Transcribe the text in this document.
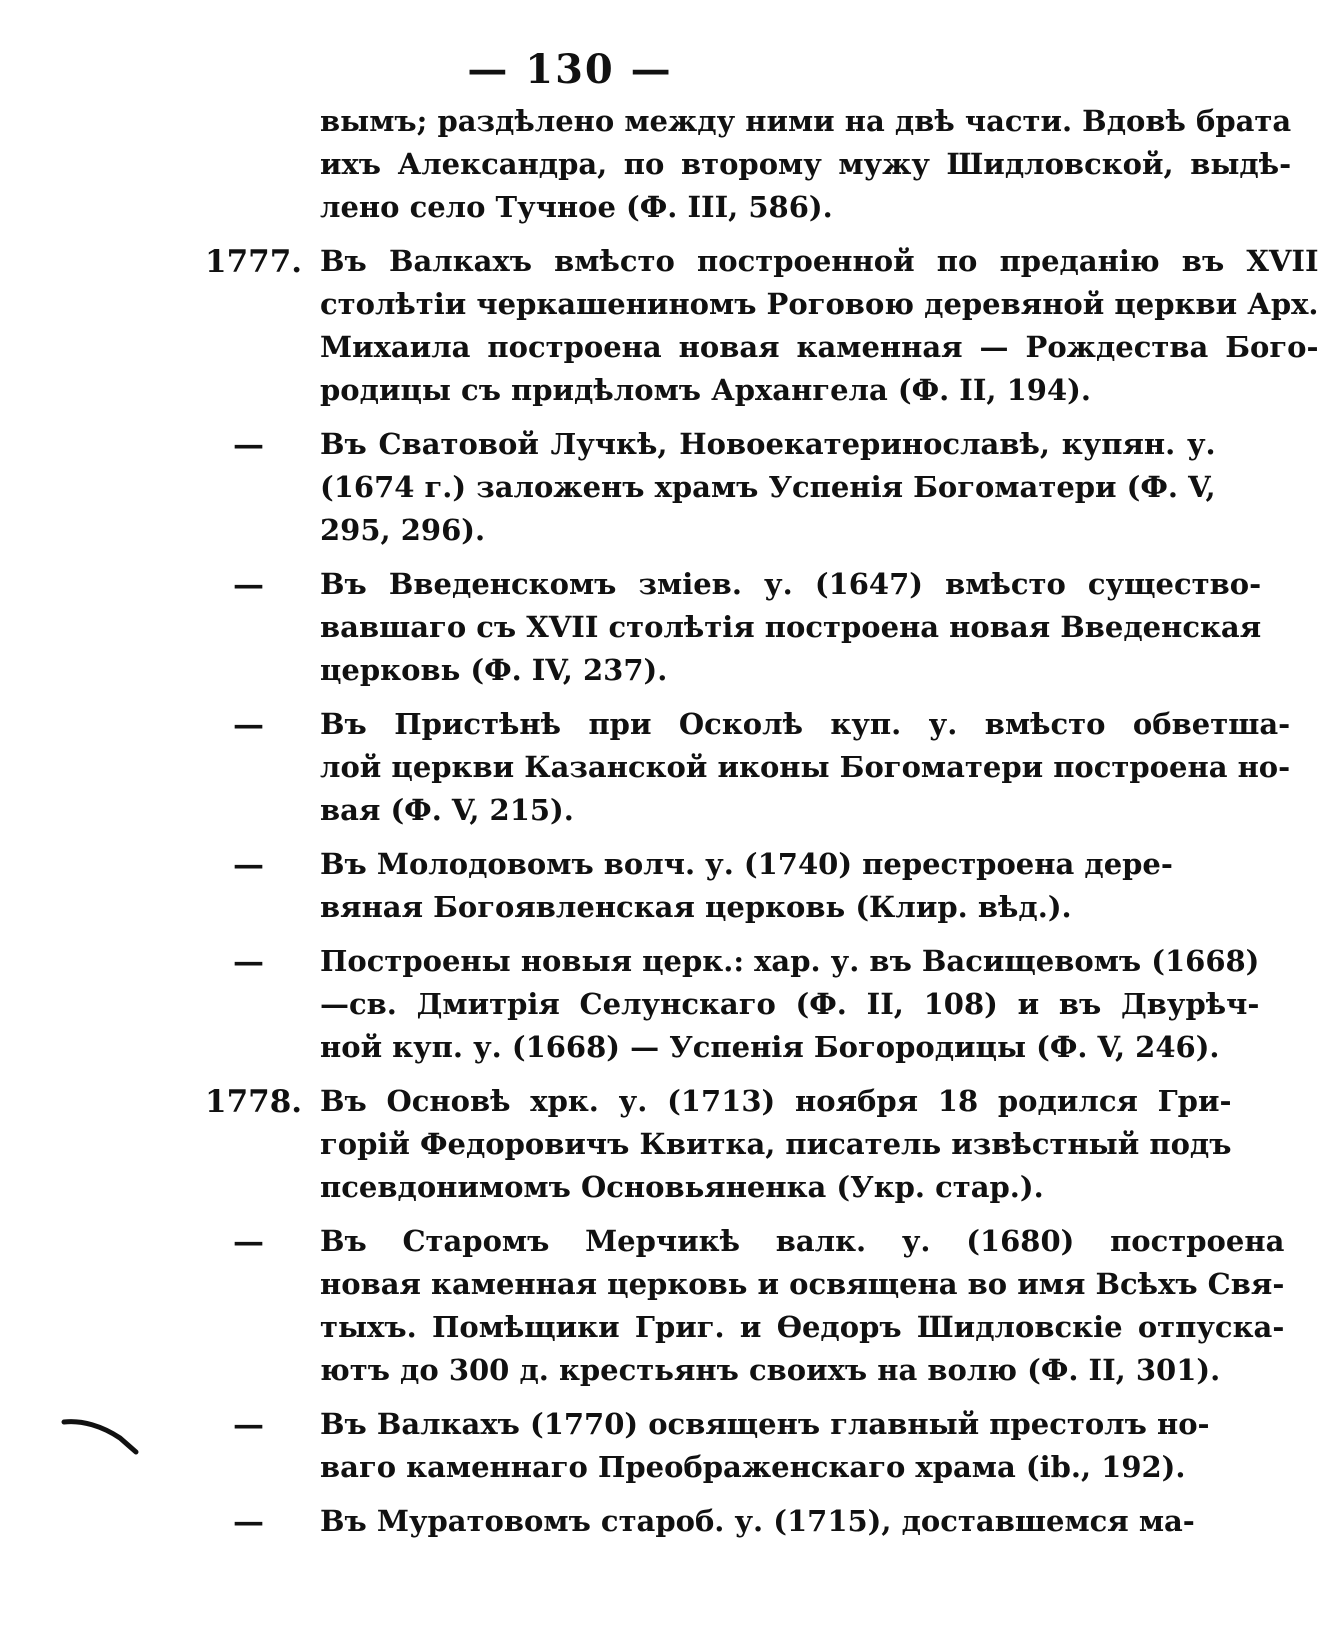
— 130 —
вымъ; раздѣлено между ними на двѣ части. Вдовѣ брата
ихъ Александра, по второму мужу Шидловской, выдѣ-
лено село Тучное (Ф. III, 586).
1777. Въ Валкахъ вмѣсто построенной по преданію въ XVII
столѣтіи черкашениномъ Роговою деревяной церкви Арх.
Михаила построена новая каменная — Рождества Бого-
родицы съ придѣломъ Архангела (Ф. II, 194).
—	Въ Сватовой Лучкѣ, Новоекатеринославѣ, купян. у.
(1674 г.) заложенъ храмъ Успенія Богоматери (Ф. V,
295, 296).
—	Въ Введенскомъ зміев. у. (1647) вмѣсто существо-
вавшаго съ XVII столѣтія построена новая Введенская
церковь (Ф. IV, 237).
—	Въ Пристѣнѣ при Осколѣ куп. у. вмѣсто обветша-
лой церкви Казанской иконы Богоматери построена но-
вая (Ф. V, 215).
—	Въ Молодовомъ волч. у. (1740) перестроена дере-
вяная Богоявленская церковь (Клир. вѣд.).
—	Построены новыя церк.: хар. у. въ Васищевомъ (1668)
—св. Дмитрія Селунскаго (Ф. II, 108) и въ Двурѣч-
ной куп. у. (1668) — Успенія Богородицы (Ф. V, 246).
1778. Въ Основѣ хрк. у. (1713) ноября 18 родился Гри-
горій Федоровичъ Квитка, писатель извѣстный подъ
псевдонимомъ Основьяненка (Укр. стар.).
—	Въ Старомъ Мерчикѣ валк. у. (1680) построена
новая каменная церковь и освящена во имя Всѣхъ Свя-
тыхъ. Помѣщики Григ. и Ѳедоръ Шидловскіе отпуска-
ютъ до 300 д. крестьянъ своихъ на волю (Ф. II, 301).
—	Въ Валкахъ (1770) освященъ главный престолъ но-
ваго каменнаго Преображенскаго храма (ib., 192).
—	Въ Муратовомъ староб. у. (1715), доставшемся ма-
